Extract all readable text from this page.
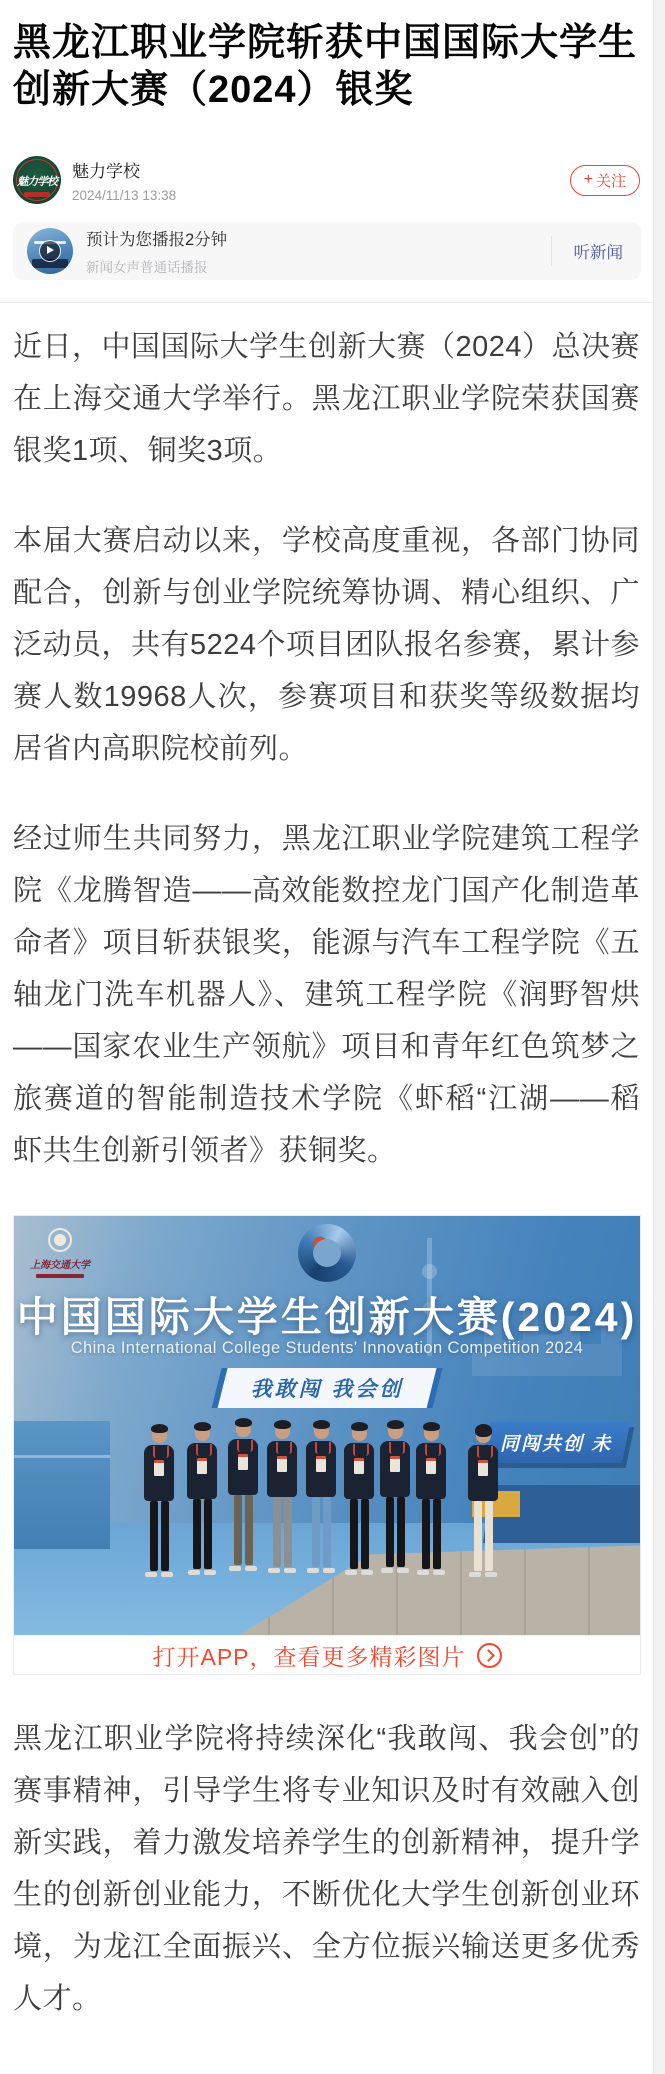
黑龙江职业学院斩获中国国际大学生创新大赛（2024）银奖
魅力学校
魅力学校
2024/11/13 13:38
+ 关注
预计为您播报2分钟
新闻女声普通话播报
听新闻

近日，中国国际大学生创新大赛（2024）总决赛在上海交通大学举行。黑龙江职业学院荣获国赛银奖1项、铜奖3项。

本届大赛启动以来，学校高度重视，各部门协同配合，创新与创业学院统筹协调、精心组织、广泛动员，共有5224个项目团队报名参赛，累计参赛人数19968人次，参赛项目和获奖等级数据均居省内高职院校前列。

经过师生共同努力，黑龙江职业学院建筑工程学院《龙腾智造——高效能数控龙门国产化制造革命者》项目斩获银奖，能源与汽车工程学院《五轴龙门洗车机器人》、建筑工程学院《润野智烘——国家农业生产领航》项目和青年红色筑梦之旅赛道的智能制造技术学院《虾稻“江湖——稻虾共生创新引领者》获铜奖。

上海交通大学
中国国际大学生创新大赛(2024)
China International College Students' Innovation Competition 2024
我敢闯 我会创
同闯共创 未
打开APP，查看更多精彩图片

黑龙江职业学院将持续深化“我敢闯、我会创”的赛事精神，引导学生将专业知识及时有效融入创新实践，着力激发培养学生的创新精神，提升学生的创新创业能力，不断优化大学生创新创业环境，为龙江全面振兴、全方位振兴输送更多优秀人才。
